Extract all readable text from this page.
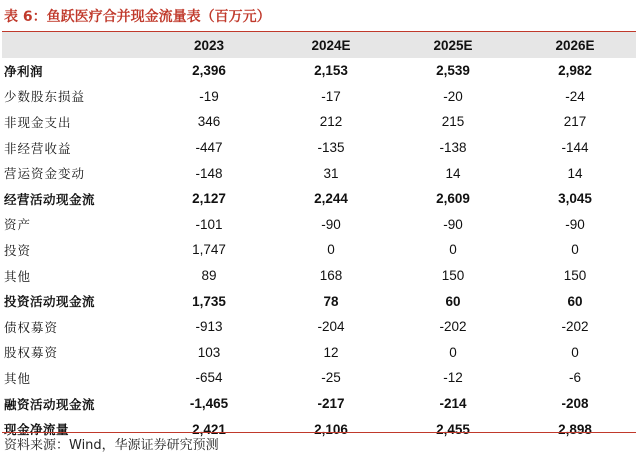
表 6：鱼跃医疗合并现金流量表（百万元）
	2023	2024E	2025E	2026E
净利润	2,396	2,153	2,539	2,982
少数股东损益	-19	-17	-20	-24
非现金支出	346	212	215	217
非经营收益	-447	-135	-138	-144
营运资金变动	-148	31	14	14
经营活动现金流	2,127	2,244	2,609	3,045
资产	-101	-90	-90	-90
投资	1,747	0	0	0
其他	89	168	150	150
投资活动现金流	1,735	78	60	60
债权募资	-913	-204	-202	-202
股权募资	103	12	0	0
其他	-654	-25	-12	-6
融资活动现金流	-1,465	-217	-214	-208
现金净流量	2,421	2,106	2,455	2,898
资料来源：Wind，华源证券研究预测
